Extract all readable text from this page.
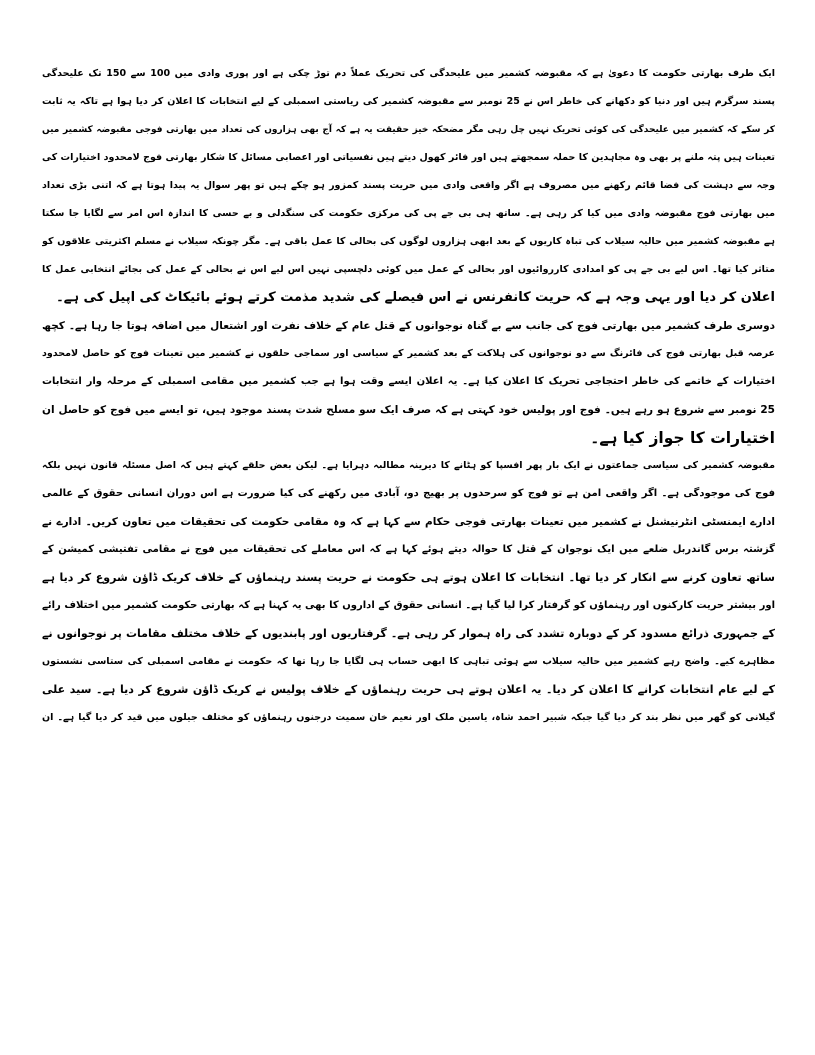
ایک طرف بھارتی حکومت کا دعویٰ ہے کہ مقبوضہ کشمیر میں علیحدگی کی تحریک عملاً دم توڑ چکی ہے اور پوری وادی میں 100 سے 150 تک علیحدگی
پسند سرگرم ہیں اور دنیا کو دکھانے کی خاطر اس نے 25 نومبر سے مقبوضہ کشمیر کی ریاستی اسمبلی کے لیے انتخابات کا اعلان کر دیا ہوا ہے تاکہ یہ ثابت
کر سکے کہ کشمیر میں علیحدگی کی کوئی تحریک نہیں چل رہی مگر مضحکہ خیز حقیقت یہ ہے کہ آج بھی ہزاروں کی تعداد میں بھارتی فوجی مقبوضہ کشمیر میں
تعینات ہیں پتہ ملنے پر بھی وہ مجاہدین کا حملہ سمجھتے ہیں اور فائر کھول دیتے ہیں نفسیاتی اور اعصابی مسائل کا شکار بھارتی فوج لامحدود اختیارات کی
وجہ سے دہشت کی فضا قائم رکھنے میں مصروف ہے اگر واقعی وادی میں حریت پسند کمزور ہو چکے ہیں تو پھر سوال یہ پیدا ہوتا ہے کہ اتنی بڑی تعداد
میں بھارتی فوج مقبوضہ وادی میں کیا کر رہی ہے۔ ساتھ ہی بی جے پی کی مرکزی حکومت کی سنگدلی و بے حسی کا اندازہ اس امر سے لگایا جا سکتا
ہے مقبوضہ کشمیر میں حالیہ سیلاب کی تباہ کاریوں کے بعد ابھی ہزاروں لوگوں کی بحالی کا عمل باقی ہے۔ مگر چونکہ سیلاب نے مسلم اکثریتی علاقوں کو
متاثر کیا تھا۔ اس لیے بی جے پی کو امدادی کارروائیوں اور بحالی کے عمل میں کوئی دلچسپی نہیں اس لیے اس نے بحالی کے عمل کی بجائے انتخابی عمل کا
اعلان کر دیا اور یہی وجہ ہے کہ حریت کانفرنس نے اس فیصلے کی شدید مذمت کرتے ہوئے بائیکاٹ کی اپیل کی ہے۔
دوسری طرف کشمیر میں بھارتی فوج کی جانب سے بے گناہ نوجوانوں کے قتل عام کے خلاف نفرت اور اشتعال میں اضافہ ہوتا جا رہا ہے۔ کچھ
عرصہ قبل بھارتی فوج کی فائرنگ سے دو نوجوانوں کی ہلاکت کے بعد کشمیر کے سیاسی اور سماجی حلقوں نے کشمیر میں تعینات فوج کو حاصل لامحدود
اختیارات کے خاتمے کی خاطر احتجاجی تحریک کا اعلان کیا ہے۔ یہ اعلان ایسے وقت ہوا ہے جب کشمیر میں مقامی اسمبلی کے مرحلہ وار انتخابات
25 نومبر سے شروع ہو رہے ہیں۔ فوج اور پولیس خود کہتی ہے کہ صرف ایک سو مسلح شدت پسند موجود ہیں، تو ایسے میں فوج کو حاصل ان
اختیارات کا جواز کیا ہے۔
مقبوضہ کشمیر کی سیاسی جماعتوں نے ایک بار پھر افسپا کو ہٹانے کا دیرینہ مطالبہ دہرایا ہے۔ لیکن بعض حلقے کہتے ہیں کہ اصل مسئلہ قانون نہیں بلکہ
فوج کی موجودگی ہے۔ اگر واقعی امن ہے تو فوج کو سرحدوں پر بھیج دو، آبادی میں رکھنے کی کیا ضرورت ہے اس دوران انسانی حقوق کے عالمی
ادارے ایمنسٹی انٹرنیشنل نے کشمیر میں تعینات بھارتی فوجی حکام سے کہا ہے کہ وہ مقامی حکومت کی تحقیقات میں تعاون کریں۔ ادارے نے
گزشتہ برس گاندربل ضلعے میں ایک نوجوان کے قتل کا حوالہ دیتے ہوئے کہا ہے کہ اس معاملے کی تحقیقات میں فوج نے مقامی تفتیشی کمیشن کے
ساتھ تعاون کرنے سے انکار کر دیا تھا۔ انتخابات کا اعلان ہوتے ہی حکومت نے حریت پسند رہنماؤں کے خلاف کریک ڈاؤن شروع کر دیا ہے
اور بیشتر حریت کارکنوں اور رہنماؤں کو گرفتار کرا لیا گیا ہے۔ انسانی حقوق کے اداروں کا بھی یہ کہنا ہے کہ بھارتی حکومت کشمیر میں اختلاف رائے
کے جمہوری ذرائع مسدود کر کے دوبارہ تشدد کی راہ ہموار کر رہی ہے۔ گرفتاریوں اور پابندیوں کے خلاف مختلف مقامات پر نوجوانوں نے
مظاہرے کیے۔ واضح رہے کشمیر میں حالیہ سیلاب سے ہوئی تباہی کا ابھی حساب ہی لگایا جا رہا تھا کہ حکومت نے مقامی اسمبلی کی ستاسی نشستوں
کے لیے عام انتخابات کرانے کا اعلان کر دیا۔ یہ اعلان ہوتے ہی حریت رہنماؤں کے خلاف پولیس نے کریک ڈاؤن شروع کر دیا ہے۔ سید علی
گیلانی کو گھر میں نظر بند کر دیا گیا جبکہ شبیر احمد شاہ، یاسین ملک اور نعیم خان سمیت درجنوں رہنماؤں کو مختلف جیلوں میں قید کر دیا گیا ہے۔ ان
